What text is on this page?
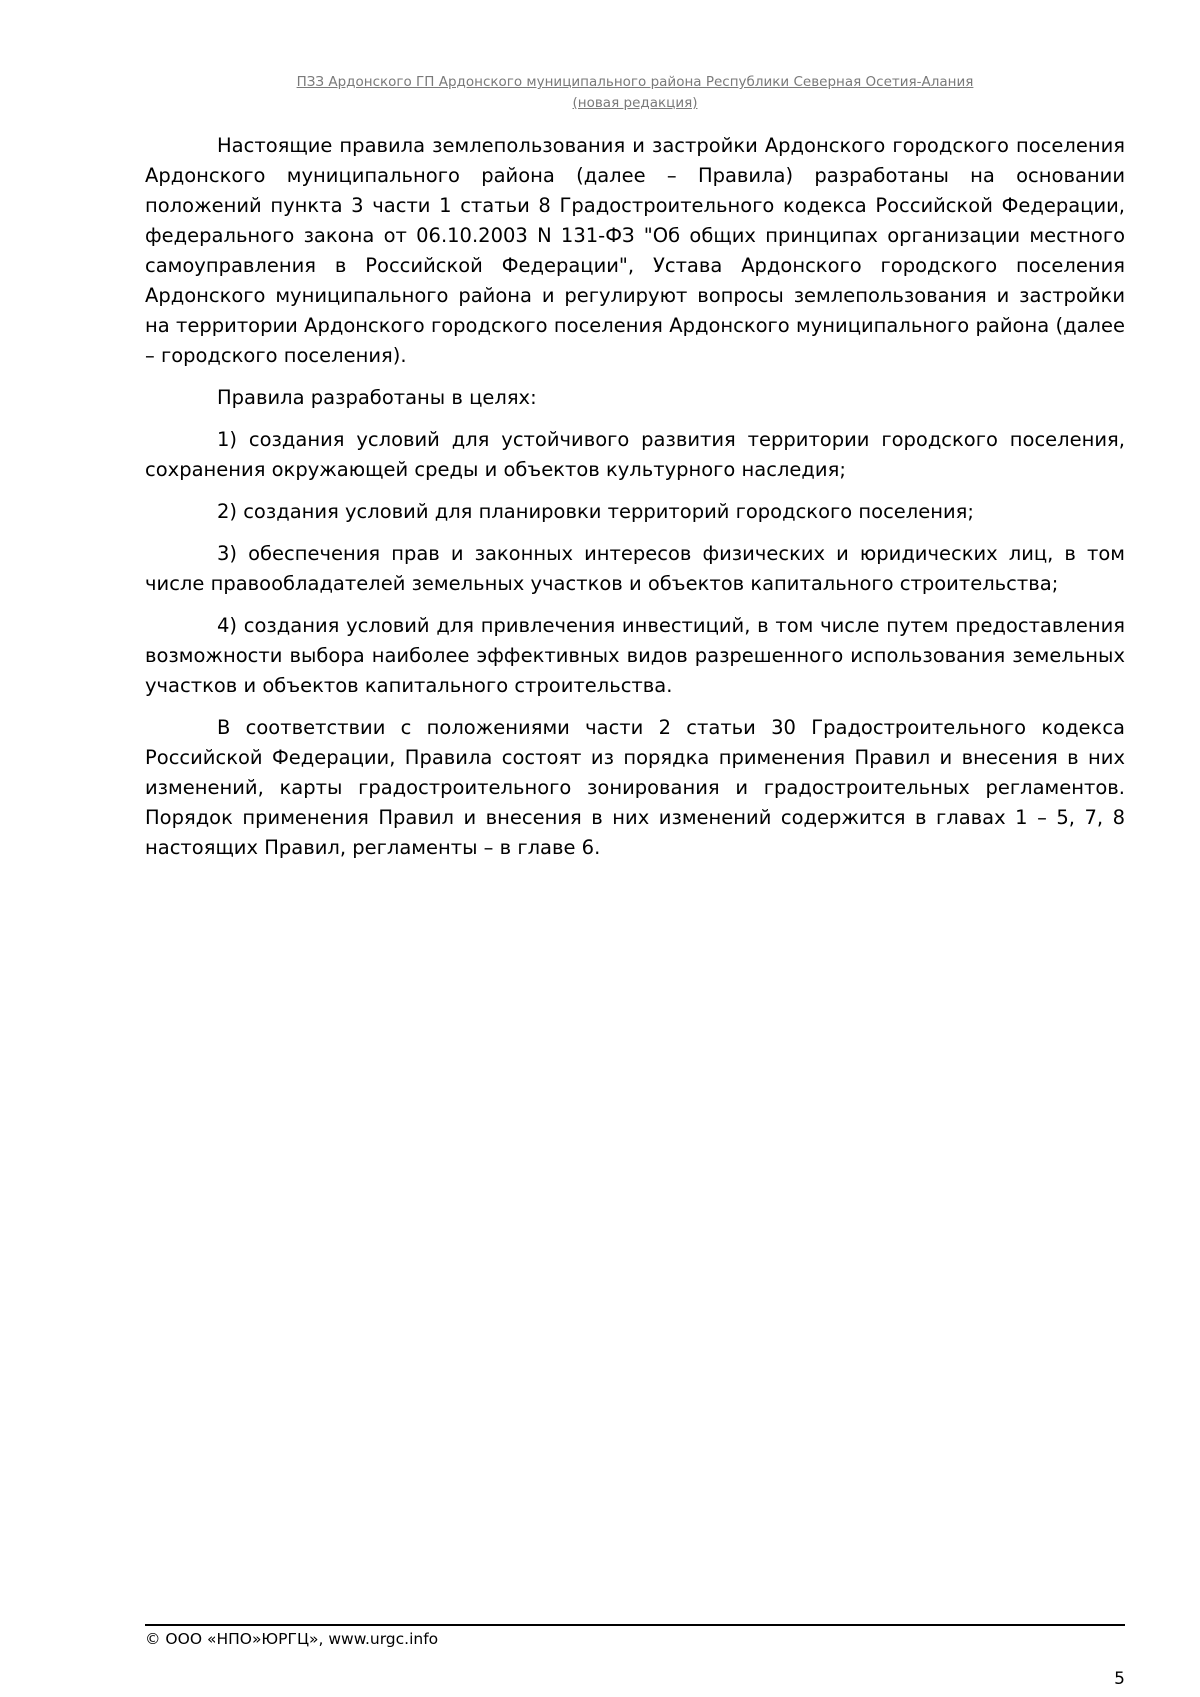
ПЗЗ Ардонского ГП Ардонского муниципального района Республики Северная Осетия-Алания
(новая редакция)

Настоящие правила землепользования и застройки Ардонского городского поселения Ардонского муниципального района (далее – Правила) разработаны на основании положений пункта 3 части 1 статьи 8 Градостроительного кодекса Российской Федерации, федерального закона от 06.10.2003 N 131-ФЗ "Об общих принципах организации местного самоуправления в Российской Федерации", Устава Ардонского городского поселения Ардонского муниципального района и регулируют вопросы землепользования и застройки на территории Ардонского городского поселения Ардонского муниципального района (далее – городского поселения).

Правила разработаны в целях:

1) создания условий для устойчивого развития территории городского поселения, сохранения окружающей среды и объектов культурного наследия;

2) создания условий для планировки территорий городского поселения;

3) обеспечения прав и законных интересов физических и юридических лиц, в том числе правообладателей земельных участков и объектов капитального строительства;

4) создания условий для привлечения инвестиций, в том числе путем предоставления возможности выбора наиболее эффективных видов разрешенного использования земельных участков и объектов капитального строительства.

В соответствии с положениями части 2 статьи 30 Градостроительного кодекса Российской Федерации, Правила состоят из порядка применения Правил и внесения в них изменений, карты градостроительного зонирования и градостроительных регламентов. Порядок применения Правил и внесения в них изменений содержится в главах 1 – 5, 7, 8 настоящих Правил, регламенты – в главе 6.

© ООО «НПО»ЮРГЦ», www.urgc.info
5
